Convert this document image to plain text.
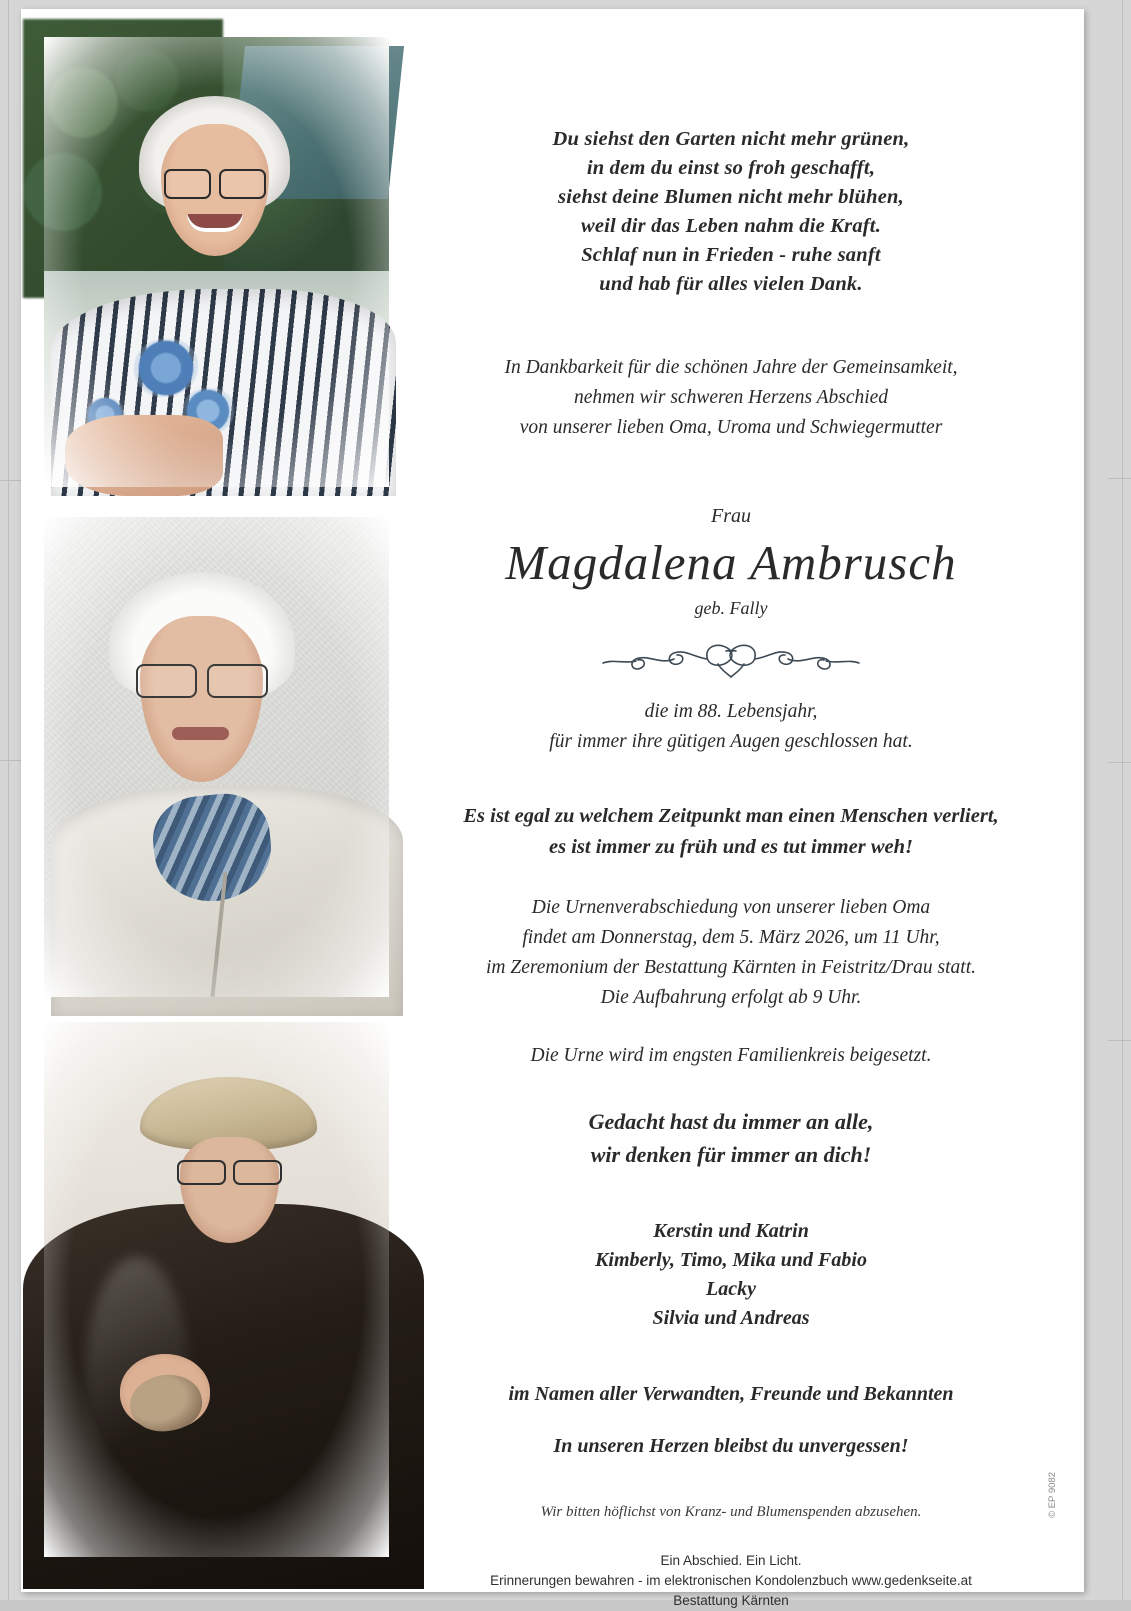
Du siehst den Garten nicht mehr grünen,
in dem du einst so froh geschafft,
siehst deine Blumen nicht mehr blühen,
weil dir das Leben nahm die Kraft.
Schlaf nun in Frieden - ruhe sanft
und hab für alles vielen Dank.
In Dankbarkeit für die schönen Jahre der Gemeinsamkeit,
nehmen wir schweren Herzens Abschied
von unserer lieben Oma, Uroma und Schwiegermutter
Frau
Magdalena Ambrusch
geb. Fally
die im 88. Lebensjahr,
für immer ihre gütigen Augen geschlossen hat.
Es ist egal zu welchem Zeitpunkt man einen Menschen verliert,
es ist immer zu früh und es tut immer weh!
Die Urnenverabschiedung von unserer lieben Oma
findet am Donnerstag, dem 5. März 2026, um 11 Uhr,
im Zeremonium der Bestattung Kärnten in Feistritz/Drau statt.
Die Aufbahrung erfolgt ab 9 Uhr.
Die Urne wird im engsten Familienkreis beigesetzt.
Gedacht hast du immer an alle,
wir denken für immer an dich!
Kerstin und Katrin
Kimberly, Timo, Mika und Fabio
Lacky
Silvia und Andreas
im Namen aller Verwandten, Freunde und Bekannten
In unseren Herzen bleibst du unvergessen!
Wir bitten höflichst von Kranz- und Blumenspenden abzusehen.
Ein Abschied. Ein Licht.
Erinnerungen bewahren - im elektronischen Kondolenzbuch www.gedenkseite.at
Bestattung Kärnten
© EP 9082
